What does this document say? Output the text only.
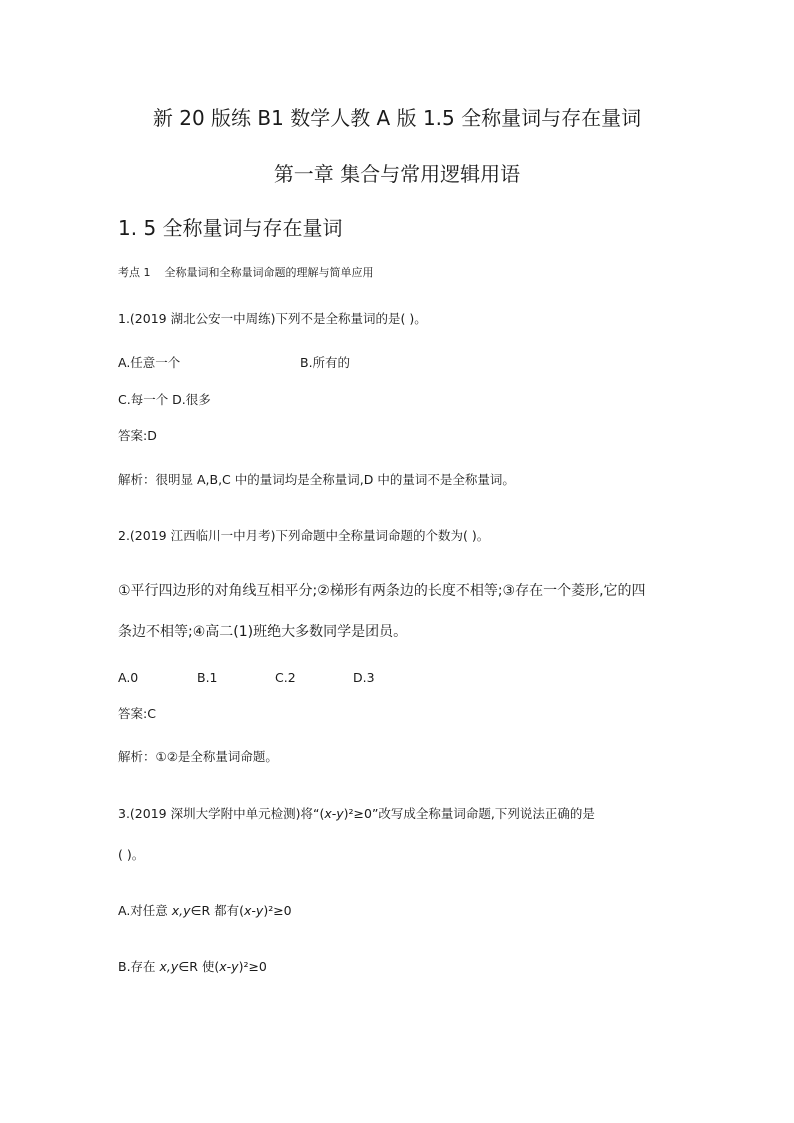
新 20 版练 B1 数学人教 A 版 1.5 全称量词与存在量词
第一章 集合与常用逻辑用语
1. 5 全称量词与存在量词
考点 1 全称量词和全称量词命题的理解与简单应用
1.(2019 湖北公安一中周练)下列不是全称量词的是( )。
A.任意一个	B.所有的
C.每一个 D.很多
答案:D
解析：很明显 A,B,C 中的量词均是全称量词,D 中的量词不是全称量词。
2.(2019 江西临川一中月考)下列命题中全称量词命题的个数为( )。
①平行四边形的对角线互相平分;②梯形有两条边的长度不相等;③存在一个菱形,它的四
条边不相等;④高二(1)班绝大多数同学是团员。
A.0	B.1	C.2	D.3
答案:C
解析：①②是全称量词命题。
3.(2019 深圳大学附中单元检测)将“(x-y)²≥0”改写成全称量词命题,下列说法正确的是
( )。
A.对任意 x,y∈R 都有(x-y)²≥0
B.存在 x,y∈R 使(x-y)²≥0
